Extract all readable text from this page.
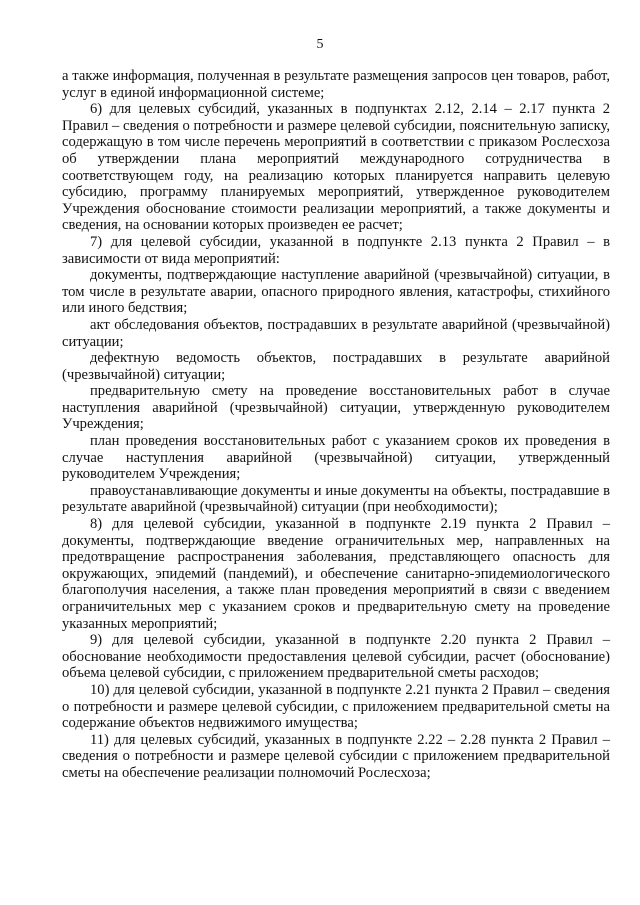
5

а также информация, полученная в результате размещения запросов цен товаров, работ, услуг в единой информационной системе;

6) для целевых субсидий, указанных в подпунктах 2.12, 2.14 – 2.17 пункта 2 Правил – сведения о потребности и размере целевой субсидии, пояснительную записку, содержащую в том числе перечень мероприятий в соответствии с приказом Рослесхоза об утверждении плана мероприятий международного сотрудничества в соответствующем году, на реализацию которых планируется направить целевую субсидию, программу планируемых мероприятий, утвержденное руководителем Учреждения обоснование стоимости реализации мероприятий, а также документы и сведения, на основании которых произведен ее расчет;

7) для целевой субсидии, указанной в подпункте 2.13 пункта 2 Правил – в зависимости от вида мероприятий:

документы, подтверждающие наступление аварийной (чрезвычайной) ситуации, в том числе в результате аварии, опасного природного явления, катастрофы, стихийного или иного бедствия;

акт обследования объектов, пострадавших в результате аварийной (чрезвычайной) ситуации;

дефектную ведомость объектов, пострадавших в результате аварийной (чрезвычайной) ситуации;

предварительную смету на проведение восстановительных работ в случае наступления аварийной (чрезвычайной) ситуации, утвержденную руководителем Учреждения;

план проведения восстановительных работ с указанием сроков их проведения в случае наступления аварийной (чрезвычайной) ситуации, утвержденный руководителем Учреждения;

правоустанавливающие документы и иные документы на объекты, пострадавшие в результате аварийной (чрезвычайной) ситуации (при необходимости);

8) для целевой субсидии, указанной в подпункте 2.19 пункта 2 Правил – документы, подтверждающие введение ограничительных мер, направленных на предотвращение распространения заболевания, представляющего опасность для окружающих, эпидемий (пандемий), и обеспечение санитарно-эпидемиологического благополучия населения, а также план проведения мероприятий в связи с введением ограничительных мер с указанием сроков и предварительную смету на проведение указанных мероприятий;

9) для целевой субсидии, указанной в подпункте 2.20 пункта 2 Правил – обоснование необходимости предоставления целевой субсидии, расчет (обоснование) объема целевой субсидии, с приложением предварительной сметы расходов;

10) для целевой субсидии, указанной в подпункте 2.21 пункта 2 Правил – сведения о потребности и размере целевой субсидии, с приложением предварительной сметы на содержание объектов недвижимого имущества;

11) для целевых субсидий, указанных в подпункте 2.22 – 2.28 пункта 2 Правил – сведения о потребности и размере целевой субсидии с приложением предварительной сметы на обеспечение реализации полномочий Рослесхоза;
